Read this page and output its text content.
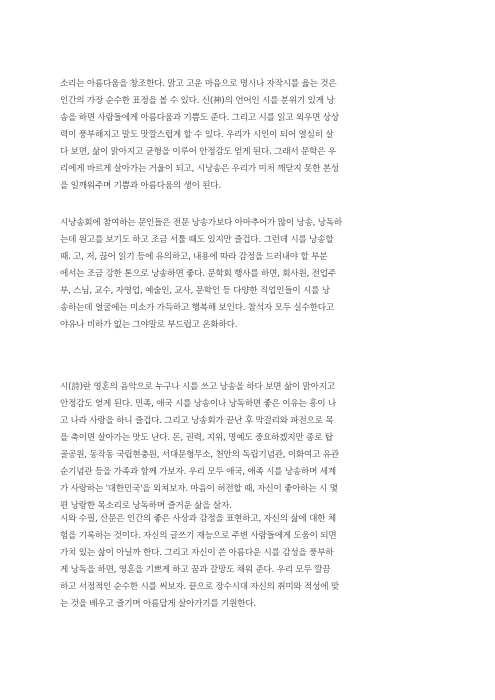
소리는 아름다움을 창조한다. 맑고 고운 마음으로 명시나 자작시를 읊는 것은
인간의 가장 순수한 표정을 볼 수 있다. 신(神)의 언어인 시를 분위기 있게 낭
송을 하면 사람들에게 아름다움과 기쁨도 준다. 그리고 시를 읽고 외우면 상상
력이 풍부해지고 말도 맛깔스럽게 할 수 있다. 우리가 시인이 되어 열심히 살
다 보면, 삶이 맑아지고 균형을 이루어 안정감도 얻게 된다. 그래서 문학은 우
리에게 바르게 살아가는 거울이 되고, 시낭송은 우리가 미처 깨닫지 못한 본성
을 일깨워주며 기쁨과 아름다움의 생이 된다.
시낭송회에 참여하는 문인들은 전문 낭송가보다 아마추어가 많이 낭송, 낭독하
는데 원고를 보기도 하고 조금 서툴 때도 있지만 즐겁다. 그런데 시를 낭송할
때. 고, 저, 끊어 읽기 등에 유의하고, 내용에 따라 감정을 드러내야 할 부분
에서는 조금 강한 톤으로 낭송하면 좋다. 문학회 행사를 하면, 회사원, 전업주
부, 스님, 교수, 자영업, 예술인, 교사, 문학인 등 다양한 직업인들이 시를 낭
송하는데 얼굴에는 미소가 가득하고 행복해 보인다. 참석자 모두 실수한다고
야유나 비하가 없는 그야말로 부드럽고 온화하다.
시(詩)란 영혼의 음악으로 누구나 시를 쓰고 낭송을 하다 보면 삶이 맑아지고
안정감도 얻게 된다. 민족, 애국 시를 낭송이나 낭독하면 좋은 이유는 흥이 나
고 나라 사랑을 하니 즐겁다. 그리고 낭송회가 끝난 후 막걸리와 파전으로 목
을 축이면 살아가는 맛도 난다. 돈, 권력, 지위, 명예도 중요하겠지만 종로 탑
골공원, 동작동 국립현충원, 서대문형무소, 천안의 독립기념관, 이화여고 유관
순기념관 등을 가족과 함께 가보자. 우리 모두 애국, 애족 시를 낭송하며 세계
가 사랑하는 '대한민국'을 외쳐보자. 마음이 허전할 때, 자신이 좋아하는 시 몇
편 낭랑한 목소리로 낭독하며 즐거운 삶을 살자.
시와 수필, 산문은 인간의 좋은 사상과 감정을 표현하고, 자신의 삶에 대한 체
험을 기록하는 것이다. 자신의 글쓰기 재능으로 주변 사람들에게 도움이 되면
가치 있는 삶이 아닐까 한다. 그리고 자신이 쓴 아름다운 시를 감성을 풍부하
게 낭독을 하면, 영혼을 기쁘게 하고 꿈과 갈망도 채워 준다. 우리 모두 깔끔
하고 서정적인 순수한 시를 써보자. 끝으로 장수시대 자신의 취미와 적성에 맞
는 것을 배우고 즐기며 아름답게 살아가기를 기원한다.
